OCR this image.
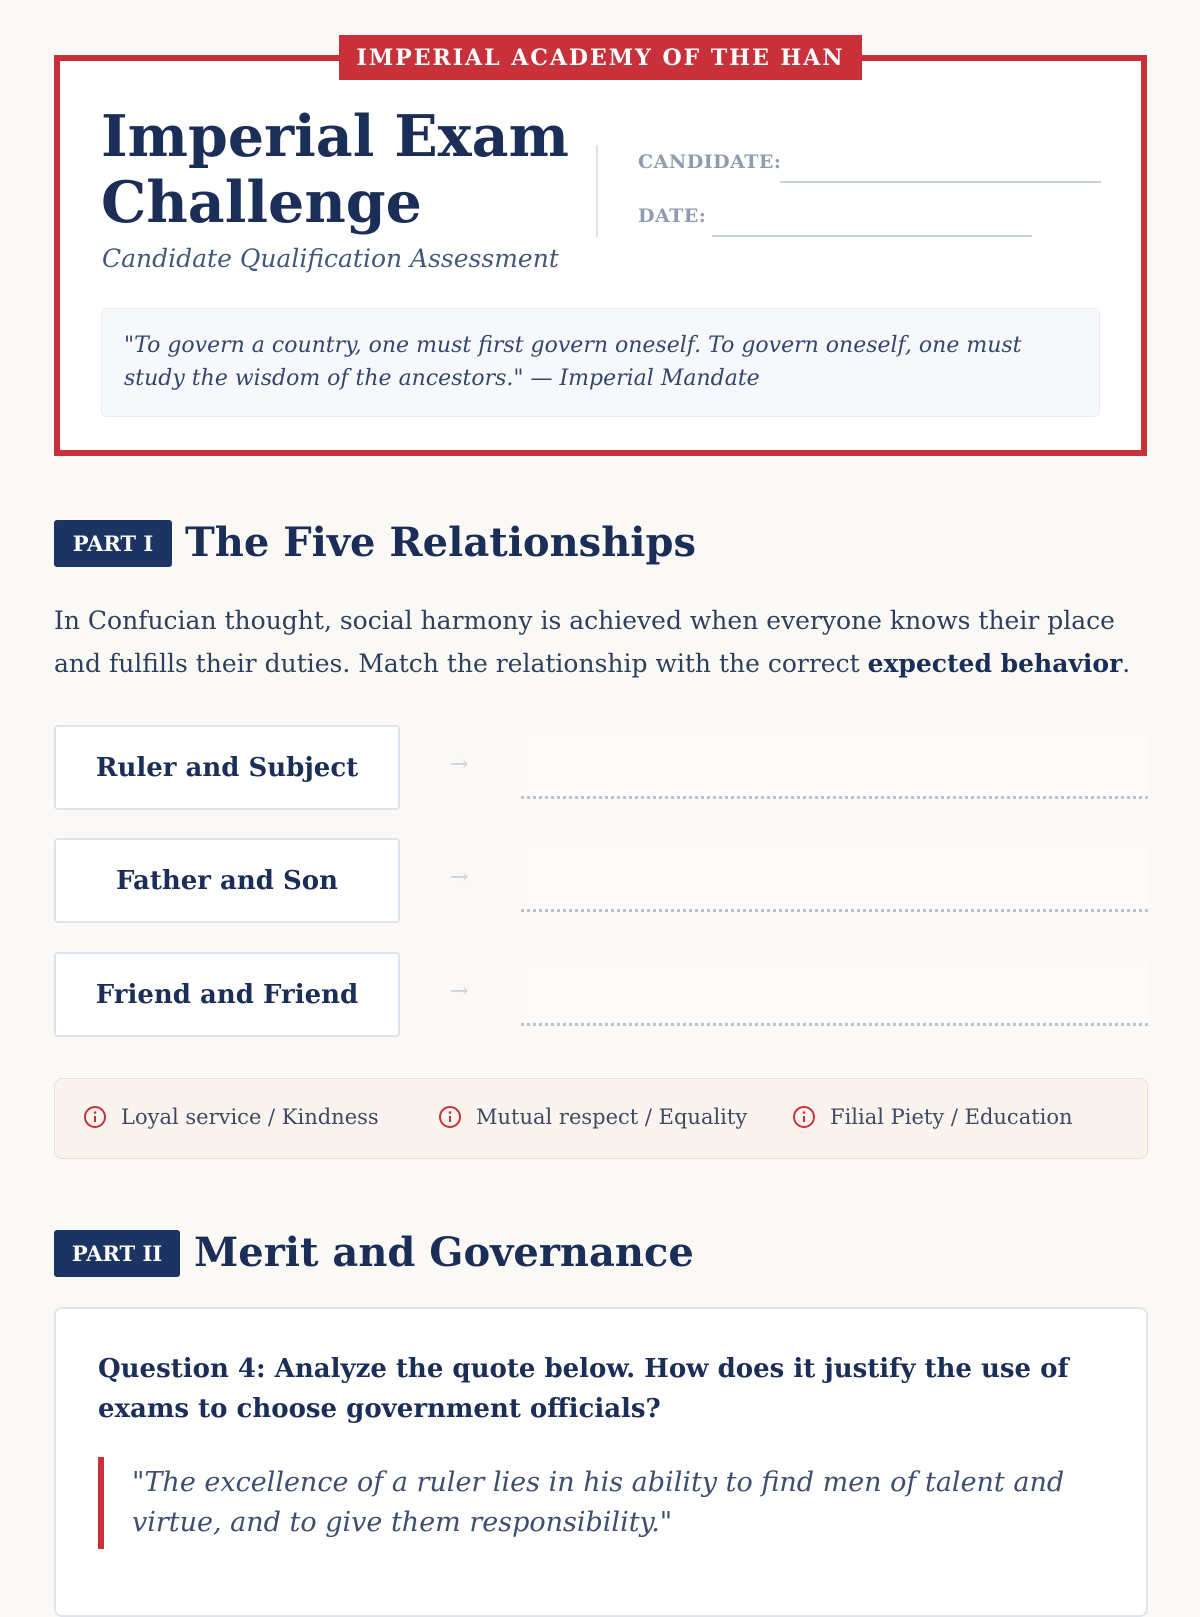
IMPERIAL ACADEMY OF THE HAN
Imperial Exam Challenge
Candidate Qualification Assessment
CANDIDATE:
DATE:
"To govern a country, one must first govern oneself. To govern oneself, one must study the wisdom of the ancestors." — Imperial Mandate
PART I The Five Relationships
In Confucian thought, social harmony is achieved when everyone knows their place and fulfills their duties. Match the relationship with the correct expected behavior.
Ruler and Subject	→
Father and Son	→
Friend and Friend	→
Loyal service / Kindness	Mutual respect / Equality	Filial Piety / Education
PART II Merit and Governance
Question 4: Analyze the quote below. How does it justify the use of exams to choose government officials?
"The excellence of a ruler lies in his ability to find men of talent and virtue, and to give them responsibility."
